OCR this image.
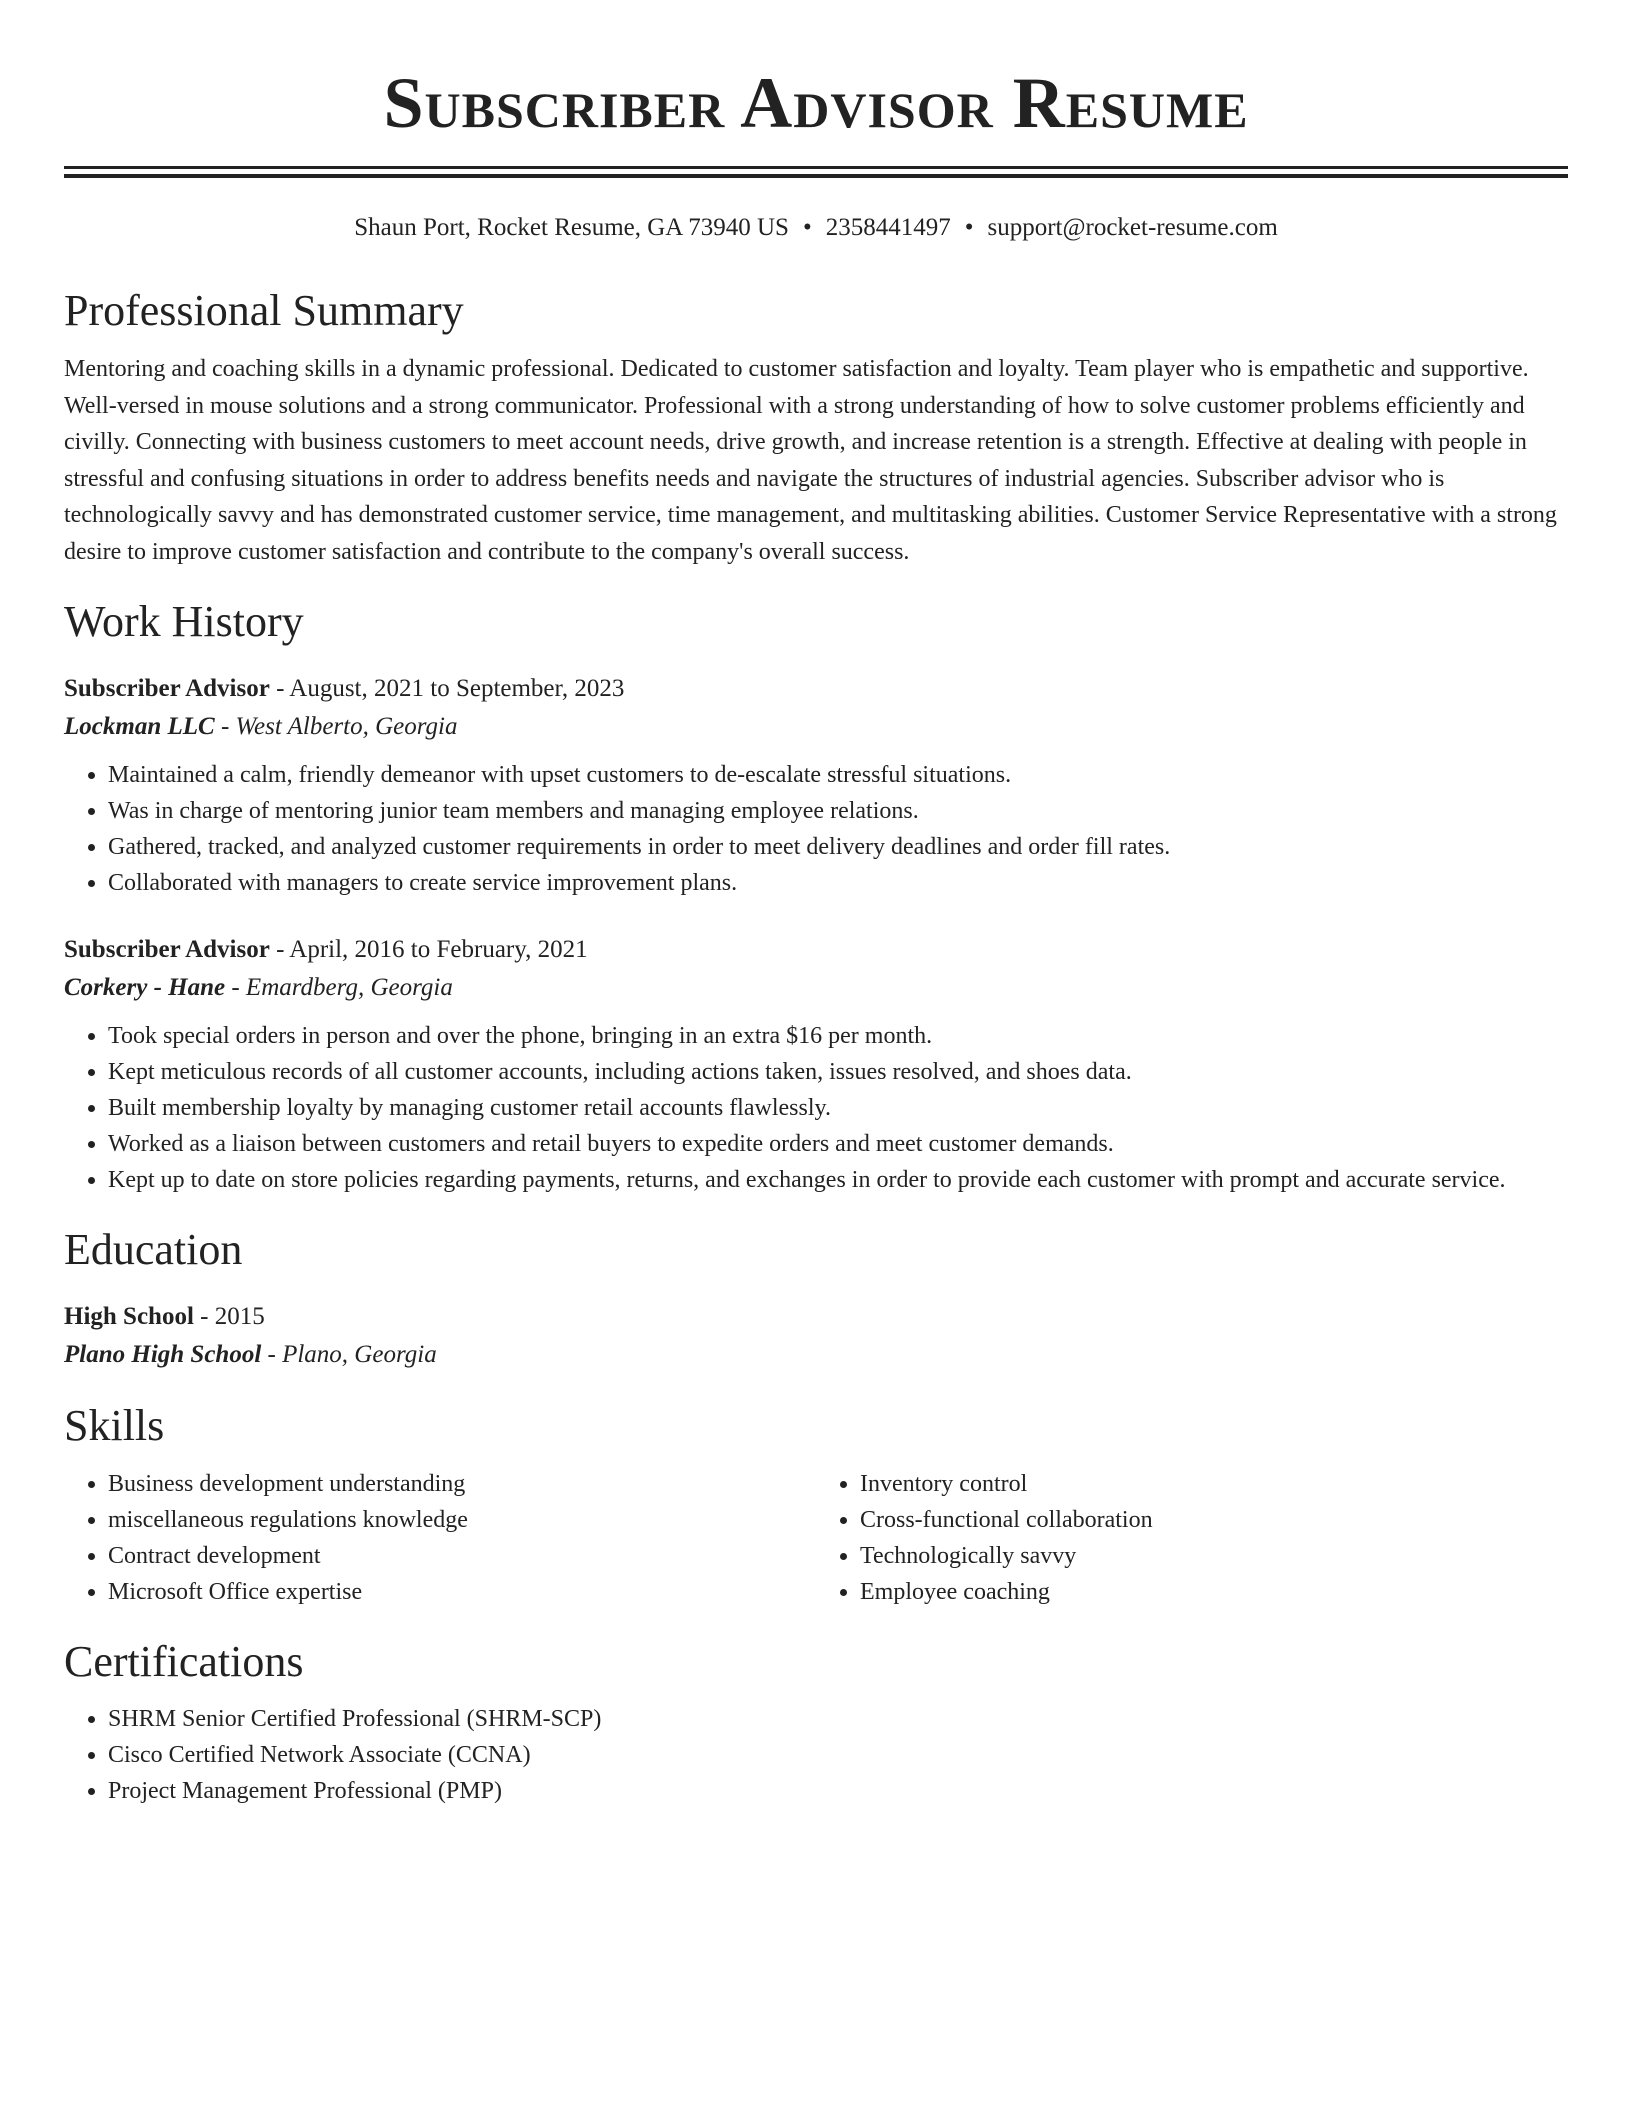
Subscriber Advisor Resume
Shaun Port, Rocket Resume, GA 73940 US • 2358441497 • support@rocket-resume.com
Professional Summary

Mentoring and coaching skills in a dynamic professional. Dedicated to customer satisfaction and loyalty. Team player who is empathetic and supportive. Well-versed in mouse solutions and a strong communicator. Professional with a strong understanding of how to solve customer problems efficiently and civilly. Connecting with business customers to meet account needs, drive growth, and increase retention is a strength. Effective at dealing with people in stressful and confusing situations in order to address benefits needs and navigate the structures of industrial agencies. Subscriber advisor who is technologically savvy and has demonstrated customer service, time management, and multitasking abilities. Customer Service Representative with a strong desire to improve customer satisfaction and contribute to the company's overall success.

Work History
Subscriber Advisor - August, 2021 to September, 2023
Lockman LLC - West Alberto, Georgia
• Maintained a calm, friendly demeanor with upset customers to de-escalate stressful situations.
• Was in charge of mentoring junior team members and managing employee relations.
• Gathered, tracked, and analyzed customer requirements in order to meet delivery deadlines and order fill rates.
• Collaborated with managers to create service improvement plans.
Subscriber Advisor - April, 2016 to February, 2021
Corkery - Hane - Emardberg, Georgia
• Took special orders in person and over the phone, bringing in an extra $16 per month.
• Kept meticulous records of all customer accounts, including actions taken, issues resolved, and shoes data.
• Built membership loyalty by managing customer retail accounts flawlessly.
• Worked as a liaison between customers and retail buyers to expedite orders and meet customer demands.
• Kept up to date on store policies regarding payments, returns, and exchanges in order to provide each customer with prompt and accurate service.
Education
High School - 2015
Plano High School - Plano, Georgia
Skills
• Business development understanding
• miscellaneous regulations knowledge
• Contract development
• Microsoft Office expertise
• Inventory control
• Cross-functional collaboration
• Technologically savvy
• Employee coaching
Certifications
• SHRM Senior Certified Professional (SHRM-SCP)
• Cisco Certified Network Associate (CCNA)
• Project Management Professional (PMP)
